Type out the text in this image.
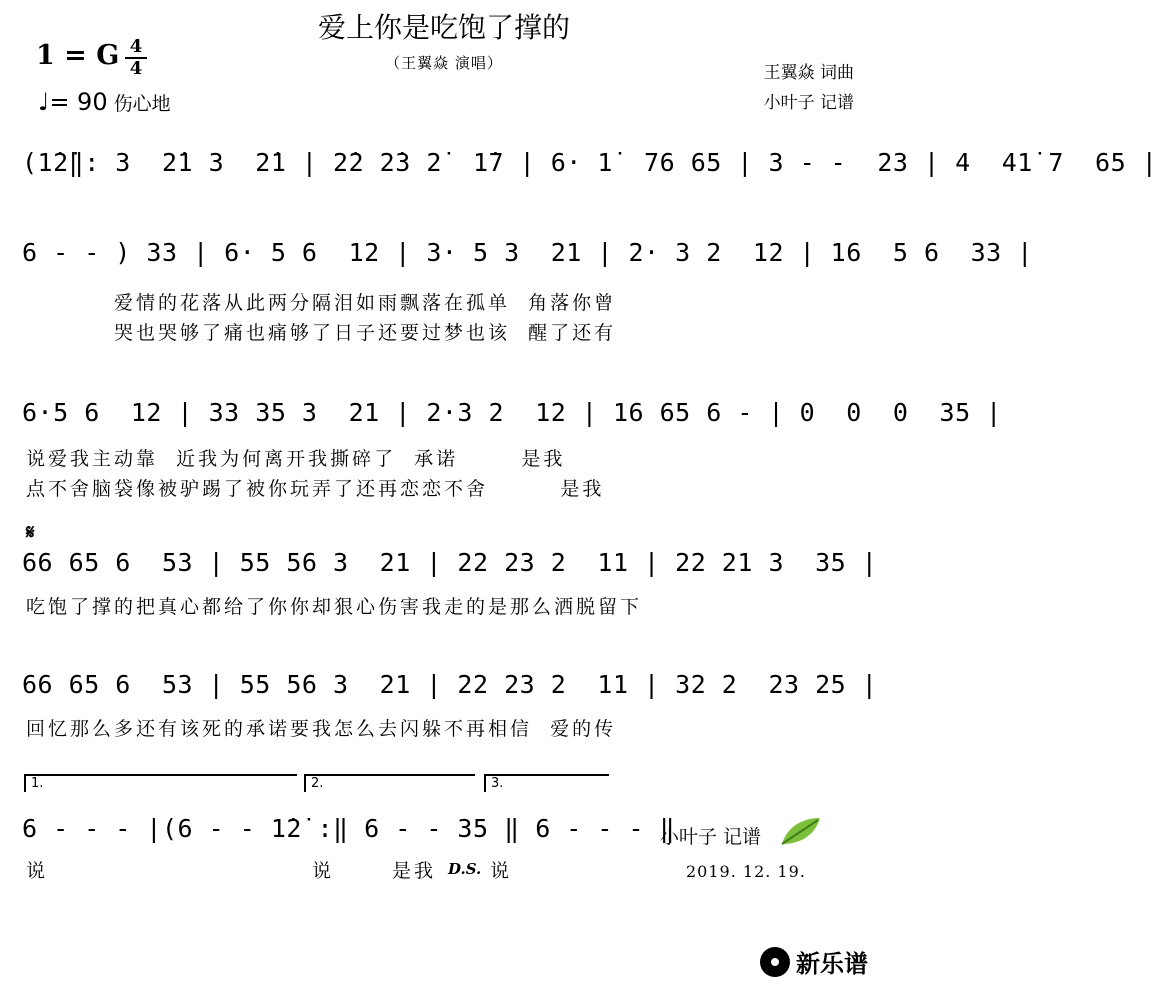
爱上你是吃饱了撑的
（王翼焱 演唱）
1 = G 4
4
♩= 90 伤心地
王翼焱 词曲
小叶子 记谱
(1̇2̇‖: 3  2̇1 3  2̇1 | 2̇2 2̇3 2̇  1̇7 | 6· 1̇  76 65 | 3 - -  23 | 4  41̇ 7  65 |
6 - - ) 33 | 6· 5 6  12 | 3· 5 3  21 | 2· 3 2  12 | 16  5 6  33 |
爱情的花落从此两分隔泪如雨飘落在孤单  角落你曾
哭也哭够了痛也痛够了日子还要过梦也该  醒了还有
6·5 6  12 | 33 35 3  21 | 2·3 2  12 | 16 65 6 - | 0  0  0  35 |
说爱我主动靠  近我为何离开我撕碎了  承诺       是我
点不舍脑袋像被驴踢了被你玩弄了还再恋恋不舍        是我
𝄋
66 65 6  53 | 55 56 3  21 | 22 23 2  11 | 22 21 3  35 |
吃饱了撑的把真心都给了你你却狠心伤害我走的是那么洒脱留下
66 65 6  53 | 55 56 3  21 | 22 23 2  11 | 32 2  23 25 |
回忆那么多还有该死的承诺要我怎么去闪躲不再相信  爱的传
1.	2.	3.
6 - - - |(6 - - 1̇2̇ :‖ 6 - - 35 ‖ 6 - - - ‖
说	说	是我 D.S. 说
小叶子 记谱
2019. 12. 19.
新乐谱
